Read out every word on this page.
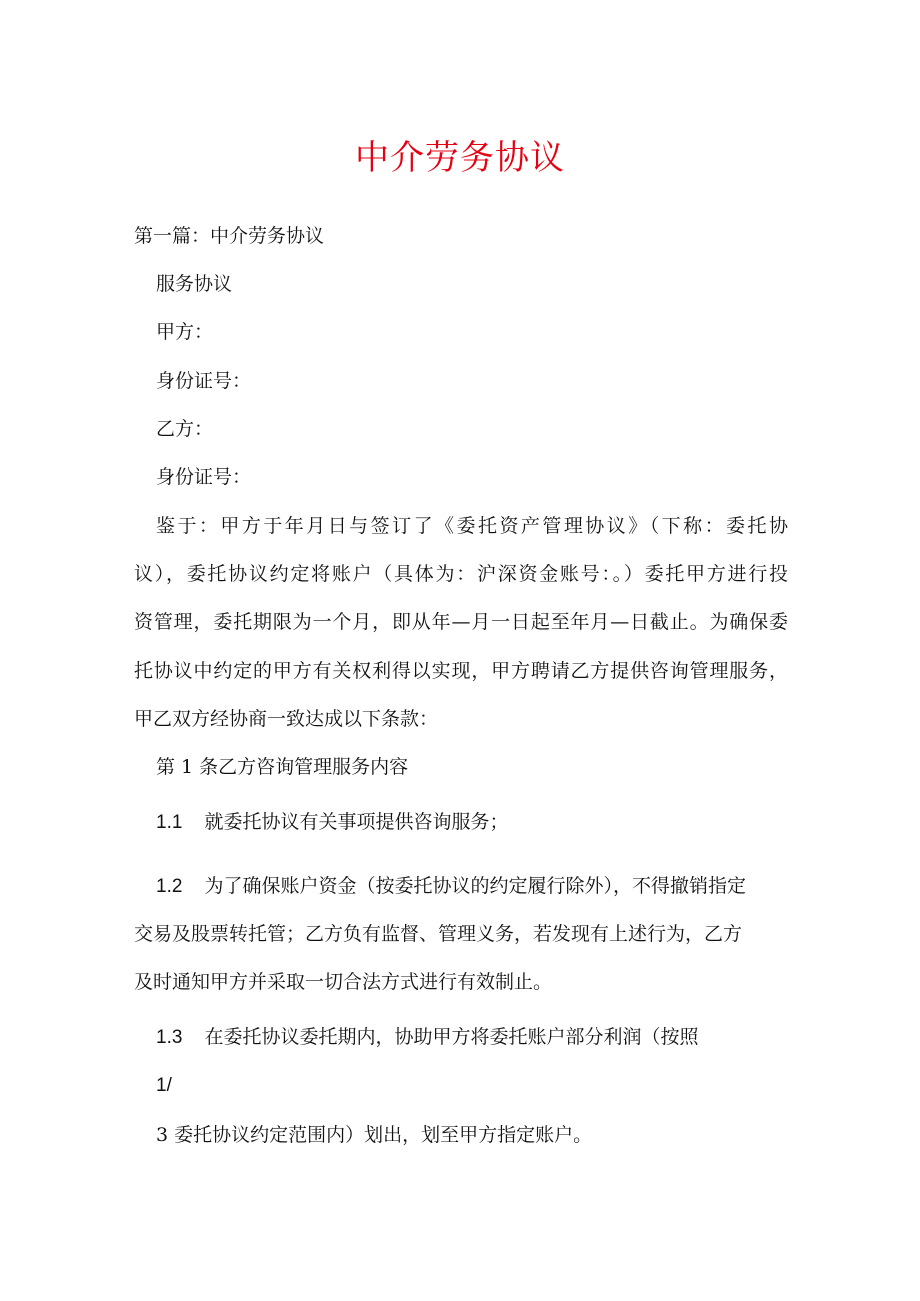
中介劳务协议
第一篇：中介劳务协议
服务协议
甲方：
身份证号：
乙方：
身份证号：
鉴于：甲方于年月日与签订了《委托资产管理协议》（下称：委托协
议），委托协议约定将账户（具体为：沪深资金账号：。）委托甲方进行投
资管理，委托期限为一个月，即从年—月一日起至年月—日截止。为确保委
托协议中约定的甲方有关权利得以实现，甲方聘请乙方提供咨询管理服务，
甲乙双方经协商一致达成以下条款：
第 1 条乙方咨询管理服务内容
1.1 就委托协议有关事项提供咨询服务；
1.2 为了确保账户资金（按委托协议的约定履行除外），不得撤销指定
交易及股票转托管；乙方负有监督、管理义务，若发现有上述行为，乙方
及时通知甲方并采取一切合法方式进行有效制止。
1.3 在委托协议委托期内，协助甲方将委托账户部分利润（按照
1/
3 委托协议约定范围内）划出，划至甲方指定账户。
